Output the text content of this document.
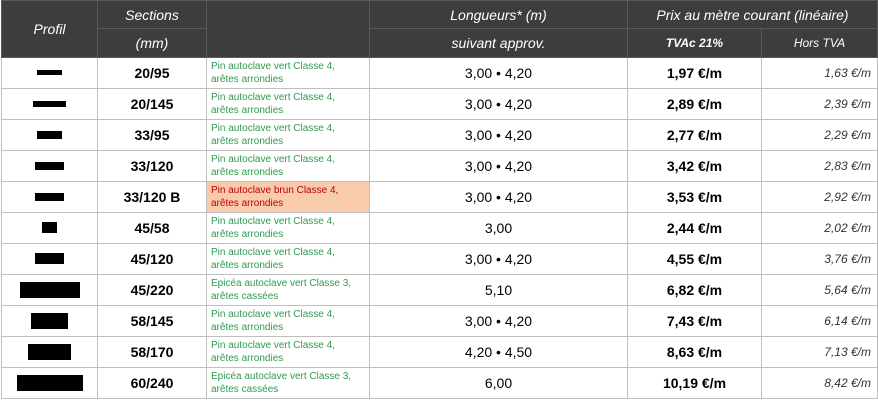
Profil	Sections		Longueurs* (m)	Prix au mètre courant (linéaire)	
	(mm)		suivant approv.	TVAc 21%	Hors TVA
	20/95	Pin autoclave vert Classe 4,
arêtes arrondies	3,00 • 4,20	1,97 €/m	1,63 €/m
	20/145	Pin autoclave vert Classe 4,
arêtes arrondies	3,00 • 4,20	2,89 €/m	2,39 €/m
	33/95	Pin autoclave vert Classe 4,
arêtes arrondies	3,00 • 4,20	2,77 €/m	2,29 €/m
	33/120	Pin autoclave vert Classe 4,
arêtes arrondies	3,00 • 4,20	3,42 €/m	2,83 €/m
	33/120 B	Pin autoclave brun Classe 4,
arêtes arrondies	3,00 • 4,20	3,53 €/m	2,92 €/m
	45/58	Pin autoclave vert Classe 4,
arêtes arrondies	3,00	2,44 €/m	2,02 €/m
	45/120	Pin autoclave vert Classe 4,
arêtes arrondies	3,00 • 4,20	4,55 €/m	3,76 €/m
	45/220	Epicéa autoclave vert Classe 3,
arêtes cassées	5,10	6,82 €/m	5,64 €/m
	58/145	Pin autoclave vert Classe 4,
arêtes arrondies	3,00 • 4,20	7,43 €/m	6,14 €/m
	58/170	Pin autoclave vert Classe 4,
arêtes arrondies	4,20 • 4,50	8,63 €/m	7,13 €/m
	60/240	Epicéa autoclave vert Classe 3,
arêtes cassées	6,00	10,19 €/m	8,42 €/m
